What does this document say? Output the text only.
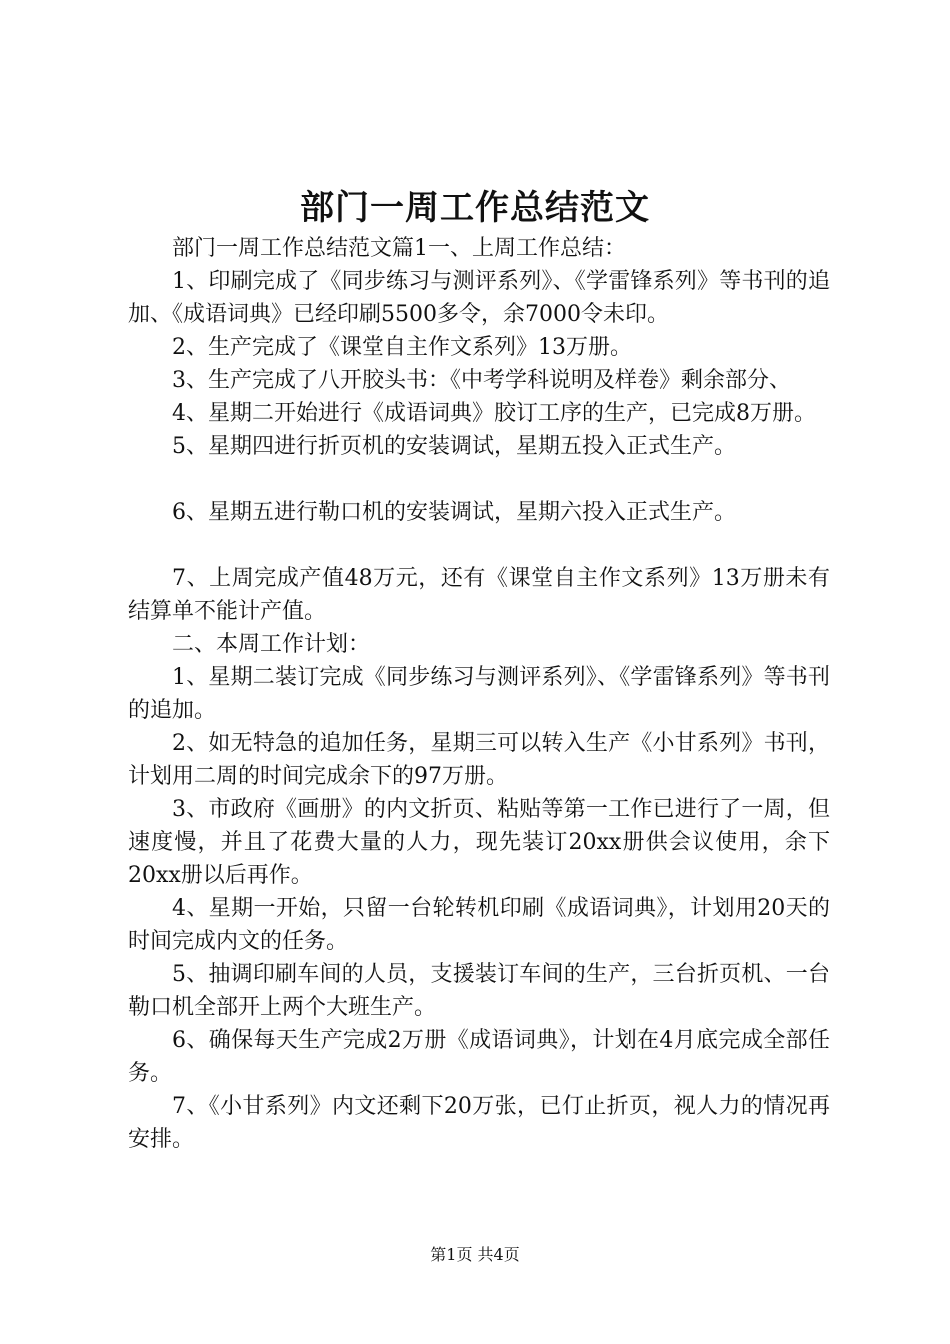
部门一周工作总结范文

部门一周工作总结范文篇1一、上周工作总结：

1、印刷完成了《同步练习与测评系列》、《学雷锋系列》等书刊的追加、《成语词典》已经印刷5500多令，余7000令未印。

2、生产完成了《课堂自主作文系列》13万册。

3、生产完成了八开胶头书：《中考学科说明及样卷》剩余部分、

4、星期二开始进行《成语词典》胶订工序的生产，已完成8万册。

5、星期四进行折页机的安装调试，星期五投入正式生产。

6、星期五进行勒口机的安装调试，星期六投入正式生产。

7、上周完成产值48万元，还有《课堂自主作文系列》13万册未有结算单不能计产值。

二、本周工作计划：

1、星期二装订完成《同步练习与测评系列》、《学雷锋系列》等书刊的追加。

2、如无特急的追加任务，星期三可以转入生产《小甘系列》书刊，计划用二周的时间完成余下的97万册。

3、市政府《画册》的内文折页、粘贴等第一工作已进行了一周，但速度慢，并且了花费大量的人力，现先装订20xx册供会议使用，余下20xx册以后再作。

4、星期一开始，只留一台轮转机印刷《成语词典》，计划用20天的时间完成内文的任务。

5、抽调印刷车间的人员，支援装订车间的生产，三台折页机、一台勒口机全部开上两个大班生产。

6、确保每天生产完成2万册《成语词典》，计划在4月底完成全部任务。

7、《小甘系列》内文还剩下20万张，已仃止折页，视人力的情况再安排。

第1页 共4页
